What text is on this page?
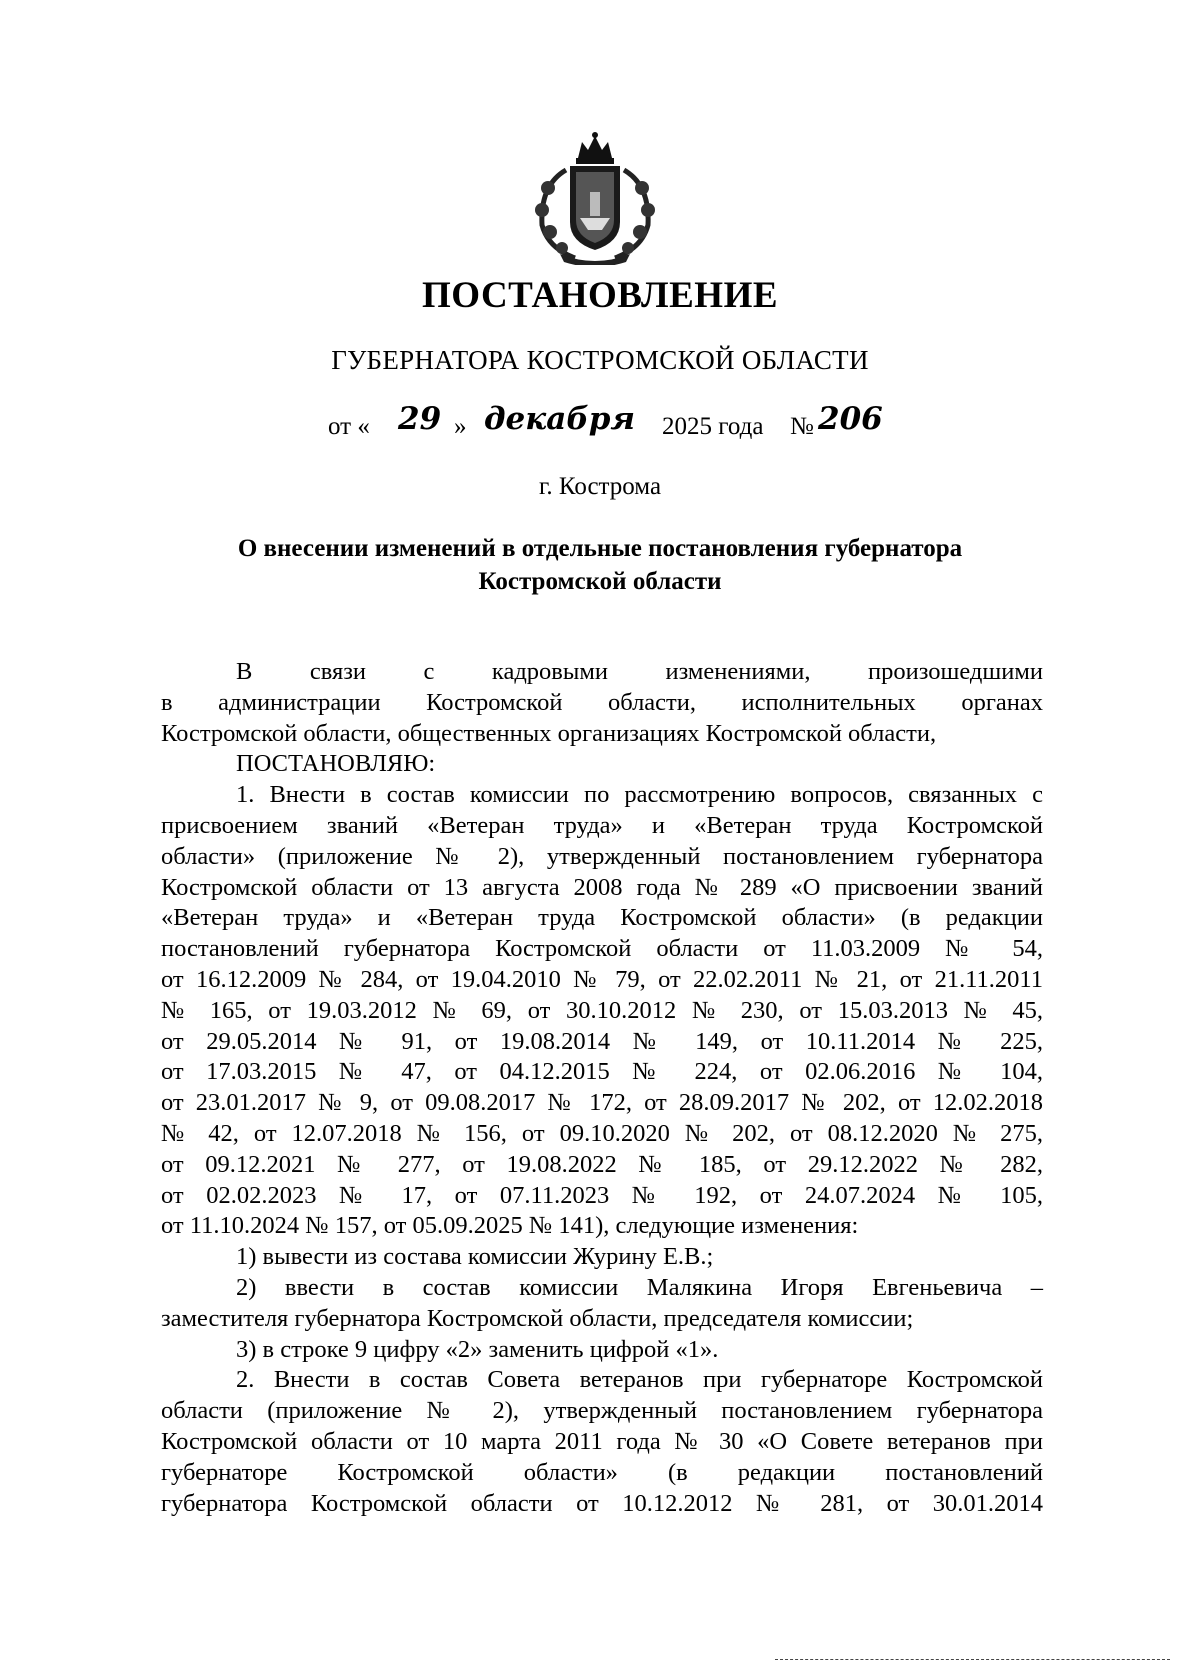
ПОСТАНОВЛЕНИЕ
ГУБЕРНАТОРА КОСТРОМСКОЙ ОБЛАСТИ
от « 29 » декабря 2025 года № 206
г. Кострома
О внесении изменений в отдельные постановления губернатора
Костромской области
В связи с кадровыми изменениями, произошедшими
в администрации Костромской области, исполнительных органах
Костромской области, общественных организациях Костромской области,
ПОСТАНОВЛЯЮ:
1. Внести в состав комиссии по рассмотрению вопросов, связанных с
присвоением званий «Ветеран труда» и «Ветеран труда Костромской
области» (приложение № 2), утвержденный постановлением губернатора
Костромской области от 13 августа 2008 года № 289 «О присвоении званий
«Ветеран труда» и «Ветеран труда Костромской области» (в редакции
постановлений губернатора Костромской области от 11.03.2009 № 54,
от 16.12.2009 № 284, от 19.04.2010 № 79, от 22.02.2011 № 21, от 21.11.2011
№ 165, от 19.03.2012 № 69, от 30.10.2012 № 230, от 15.03.2013 № 45,
от 29.05.2014 № 91, от 19.08.2014 № 149, от 10.11.2014 № 225,
от 17.03.2015 № 47, от 04.12.2015 № 224, от 02.06.2016 № 104,
от 23.01.2017 № 9, от 09.08.2017 № 172, от 28.09.2017 № 202, от 12.02.2018
№ 42, от 12.07.2018 № 156, от 09.10.2020 № 202, от 08.12.2020 № 275,
от 09.12.2021 № 277, от 19.08.2022 № 185, от 29.12.2022 № 282,
от 02.02.2023 № 17, от 07.11.2023 № 192, от 24.07.2024 № 105,
от 11.10.2024 № 157, от 05.09.2025 № 141), следующие изменения:
1) вывести из состава комиссии Журину Е.В.;
2) ввести в состав комиссии Малякина Игоря Евгеньевича –
заместителя губернатора Костромской области, председателя комиссии;
3) в строке 9 цифру «2» заменить цифрой «1».
2. Внести в состав Совета ветеранов при губернаторе Костромской
области (приложение № 2), утвержденный постановлением губернатора
Костромской области от 10 марта 2011 года № 30 «О Совете ветеранов при
губернаторе Костромской области» (в редакции постановлений
губернатора Костромской области от 10.12.2012 № 281, от 30.01.2014
